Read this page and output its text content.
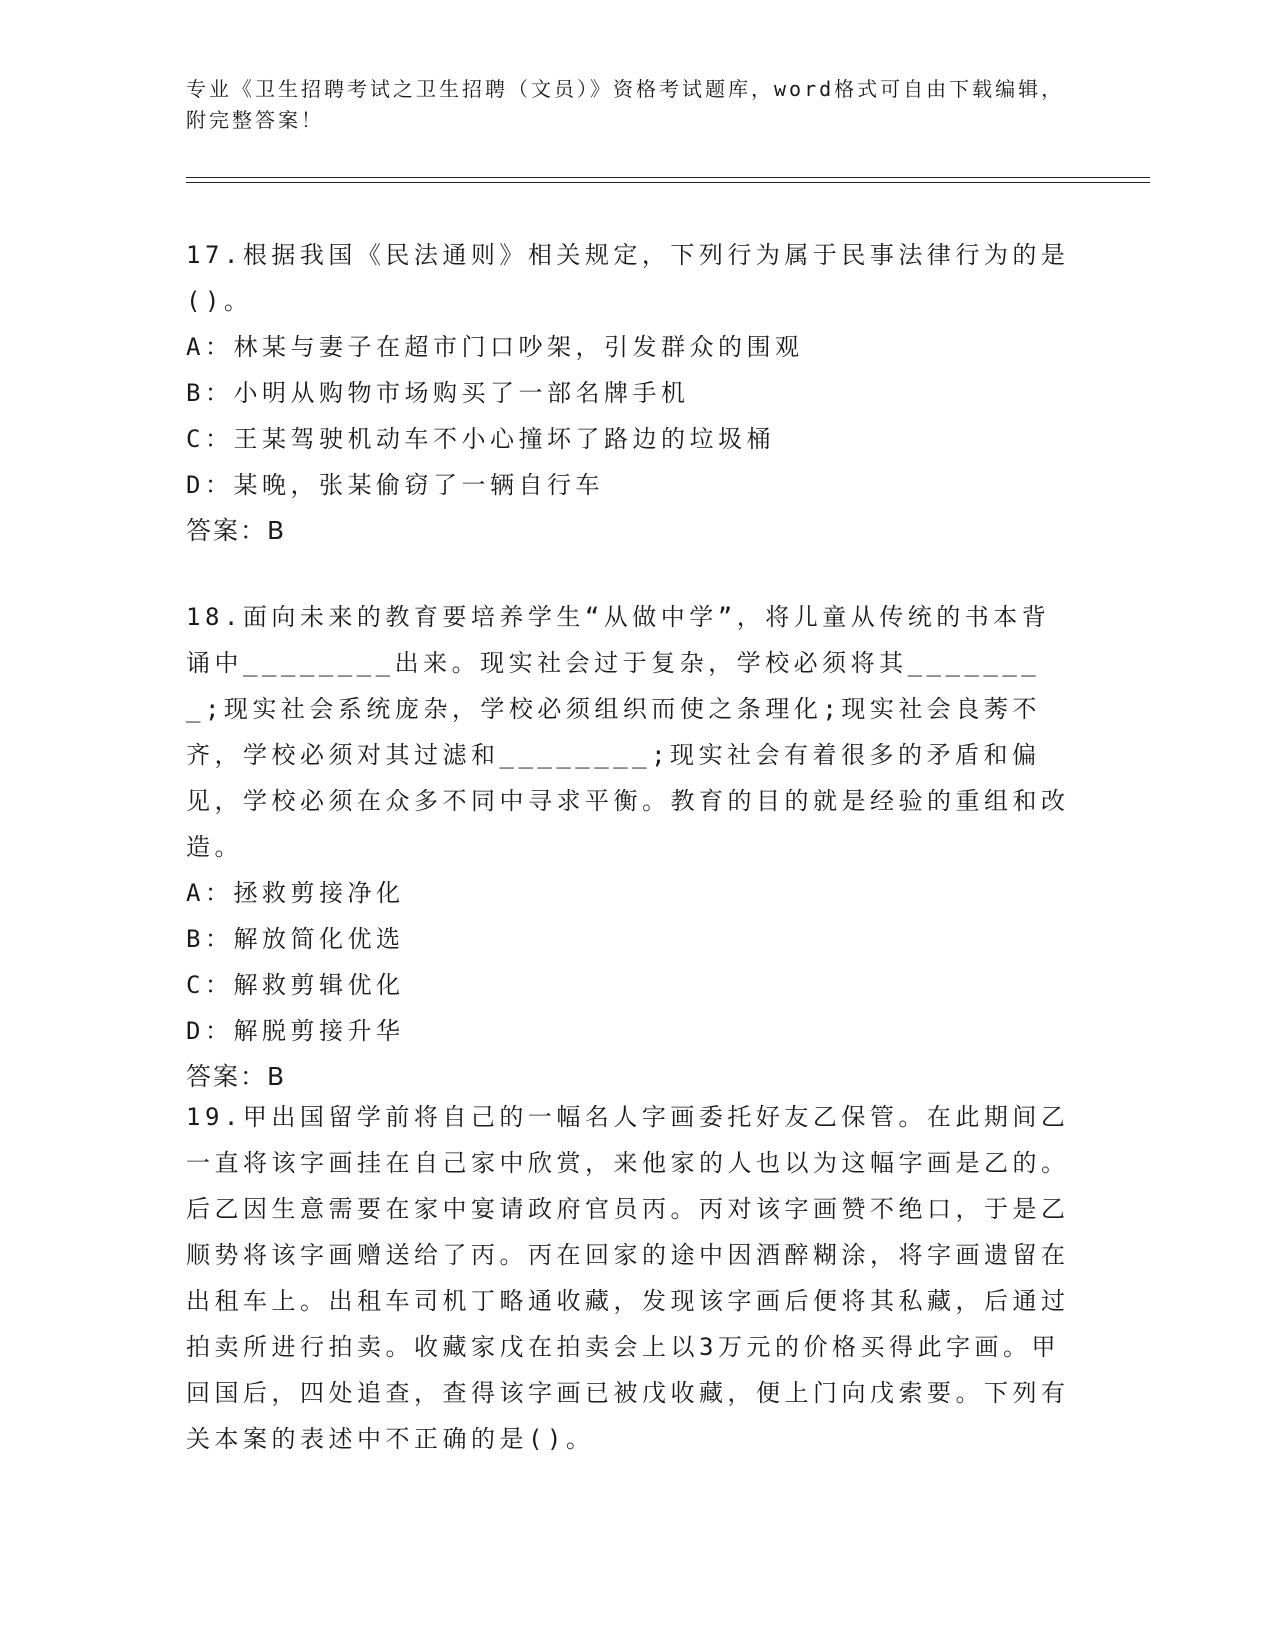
专业《卫生招聘考试之卫生招聘（文员）》资格考试题库，word格式可自由下载编辑，附完整答案！
17.根据我国《民法通则》相关规定，下列行为属于民事法律行为的是()。
A：林某与妻子在超市门口吵架，引发群众的围观
B：小明从购物市场购买了一部名牌手机
C：王某驾驶机动车不小心撞坏了路边的垃圾桶
D：某晚，张某偷窃了一辆自行车
答案：B
18.面向未来的教育要培养学生“从做中学”，将儿童从传统的书本背诵中________出来。现实社会过于复杂，学校必须将其________;现实社会系统庞杂，学校必须组织而使之条理化;现实社会良莠不齐，学校必须对其过滤和________;现实社会有着很多的矛盾和偏见，学校必须在众多不同中寻求平衡。教育的目的就是经验的重组和改造。
A：拯救剪接净化
B：解放简化优选
C：解救剪辑优化
D：解脱剪接升华
答案：B
19.甲出国留学前将自己的一幅名人字画委托好友乙保管。在此期间乙一直将该字画挂在自己家中欣赏，来他家的人也以为这幅字画是乙的。后乙因生意需要在家中宴请政府官员丙。丙对该字画赞不绝口，于是乙顺势将该字画赠送给了丙。丙在回家的途中因酒醉糊涂，将字画遗留在出租车上。出租车司机丁略通收藏，发现该字画后便将其私藏，后通过拍卖所进行拍卖。收藏家戊在拍卖会上以3万元的价格买得此字画。甲回国后，四处追查，查得该字画已被戊收藏，便上门向戊索要。下列有关本案的表述中不正确的是()。
